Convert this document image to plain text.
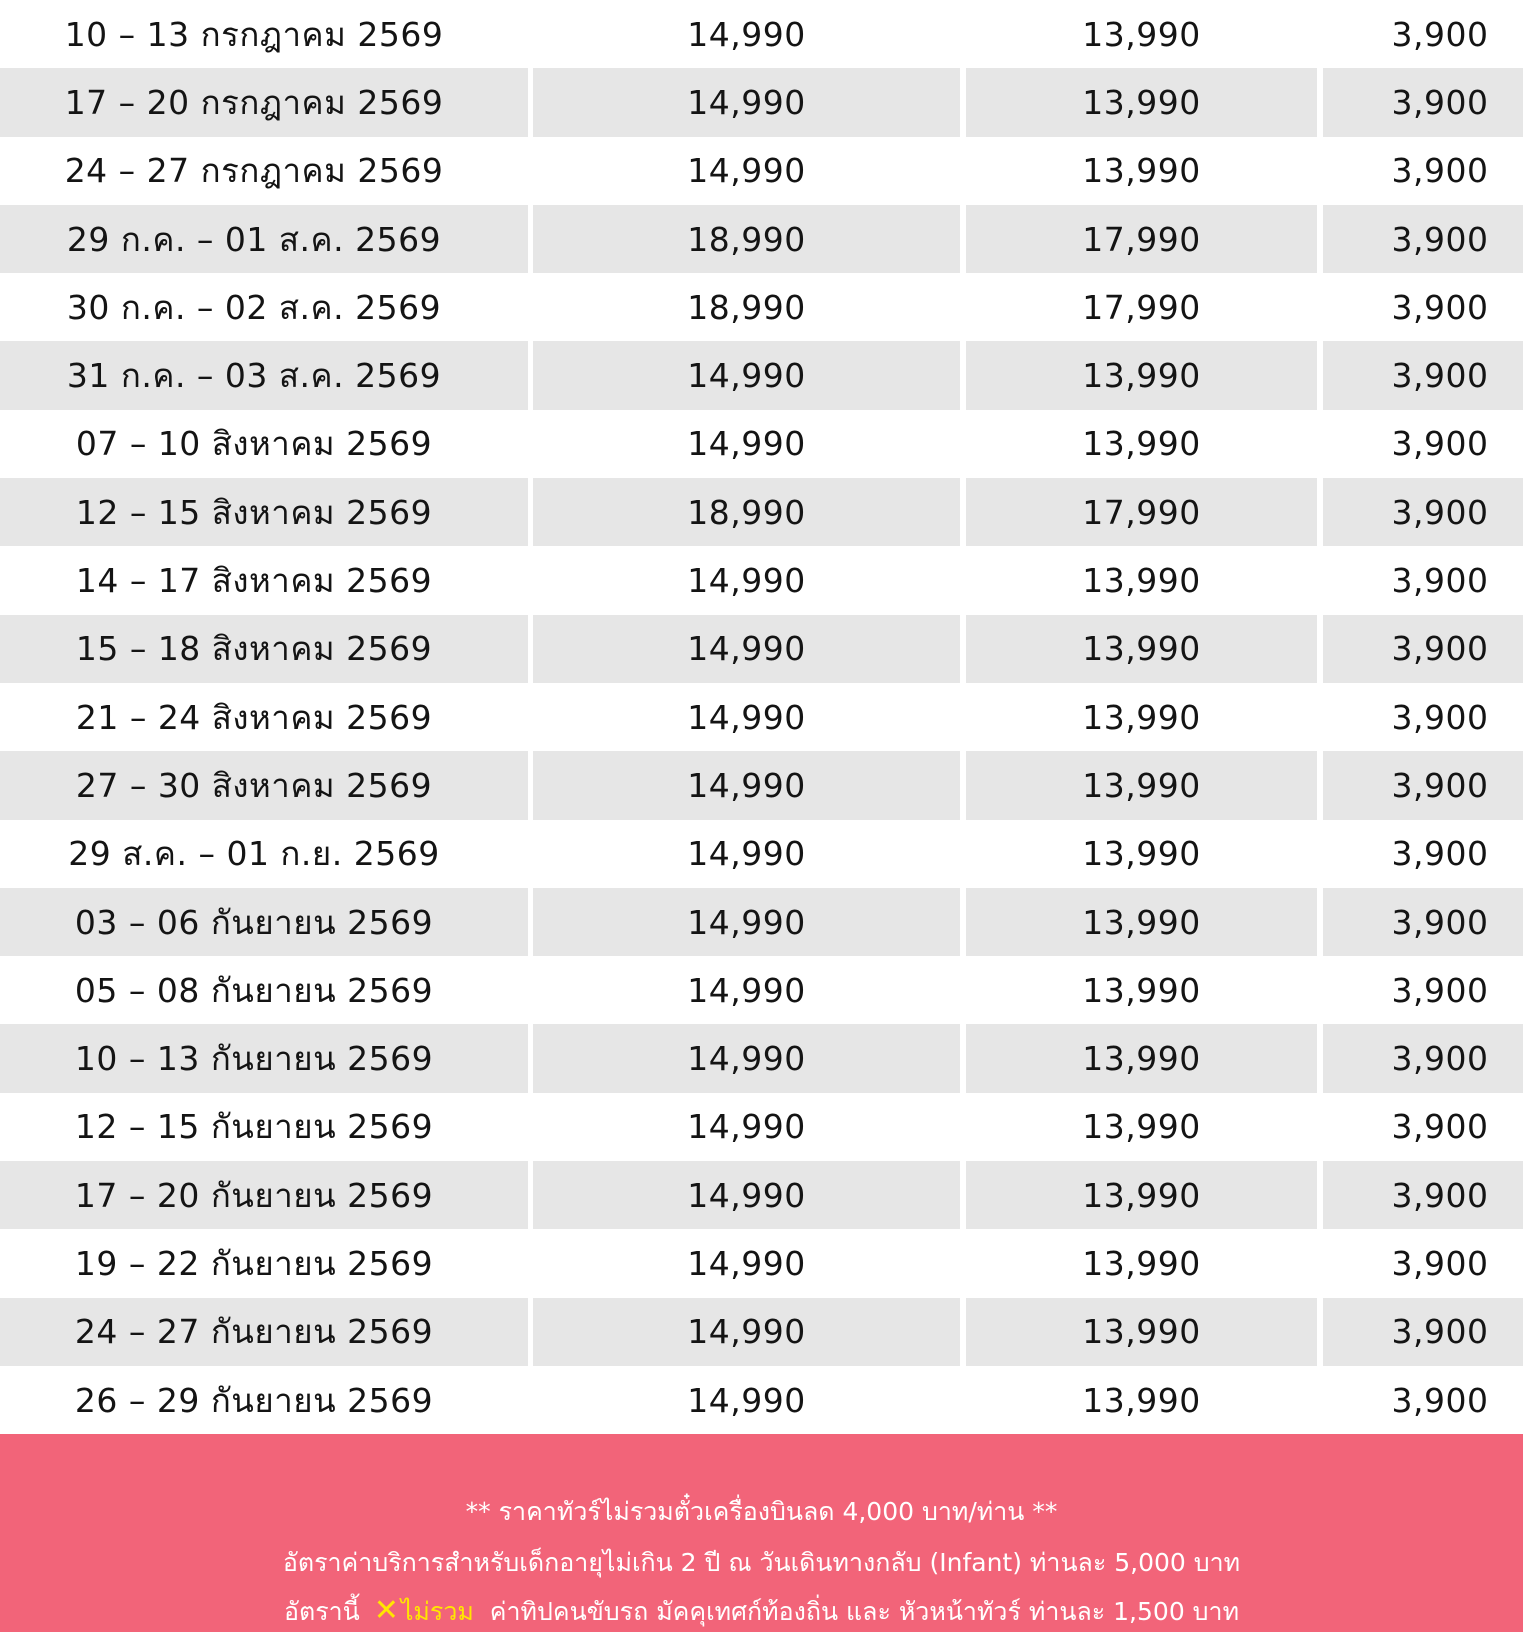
10 – 13 กรกฎาคม 2569	14,990	13,990	3,900
17 – 20 กรกฎาคม 2569	14,990	13,990	3,900
24 – 27 กรกฎาคม 2569	14,990	13,990	3,900
29 ก.ค. – 01 ส.ค. 2569	18,990	17,990	3,900
30 ก.ค. – 02 ส.ค. 2569	18,990	17,990	3,900
31 ก.ค. – 03 ส.ค. 2569	14,990	13,990	3,900
07 – 10 สิงหาคม 2569	14,990	13,990	3,900
12 – 15 สิงหาคม 2569	18,990	17,990	3,900
14 – 17 สิงหาคม 2569	14,990	13,990	3,900
15 – 18 สิงหาคม 2569	14,990	13,990	3,900
21 – 24 สิงหาคม 2569	14,990	13,990	3,900
27 – 30 สิงหาคม 2569	14,990	13,990	3,900
29 ส.ค. – 01 ก.ย. 2569	14,990	13,990	3,900
03 – 06 กันยายน 2569	14,990	13,990	3,900
05 – 08 กันยายน 2569	14,990	13,990	3,900
10 – 13 กันยายน 2569	14,990	13,990	3,900
12 – 15 กันยายน 2569	14,990	13,990	3,900
17 – 20 กันยายน 2569	14,990	13,990	3,900
19 – 22 กันยายน 2569	14,990	13,990	3,900
24 – 27 กันยายน 2569	14,990	13,990	3,900
26 – 29 กันยายน 2569	14,990	13,990	3,900
** ราคาทัวร์ไม่รวมตั๋วเครื่องบินลด 4,000 บาท/ท่าน **
อัตราค่าบริการสำหรับเด็กอายุไม่เกิน 2 ปี ณ วันเดินทางกลับ (Infant) ท่านละ 5,000 บาท
อัตรานี้ ✕ไม่รวม ค่าทิปคนขับรถ มัคคุเทศก์ท้องถิ่น และ หัวหน้าทัวร์ ท่านละ 1,500 บาท
